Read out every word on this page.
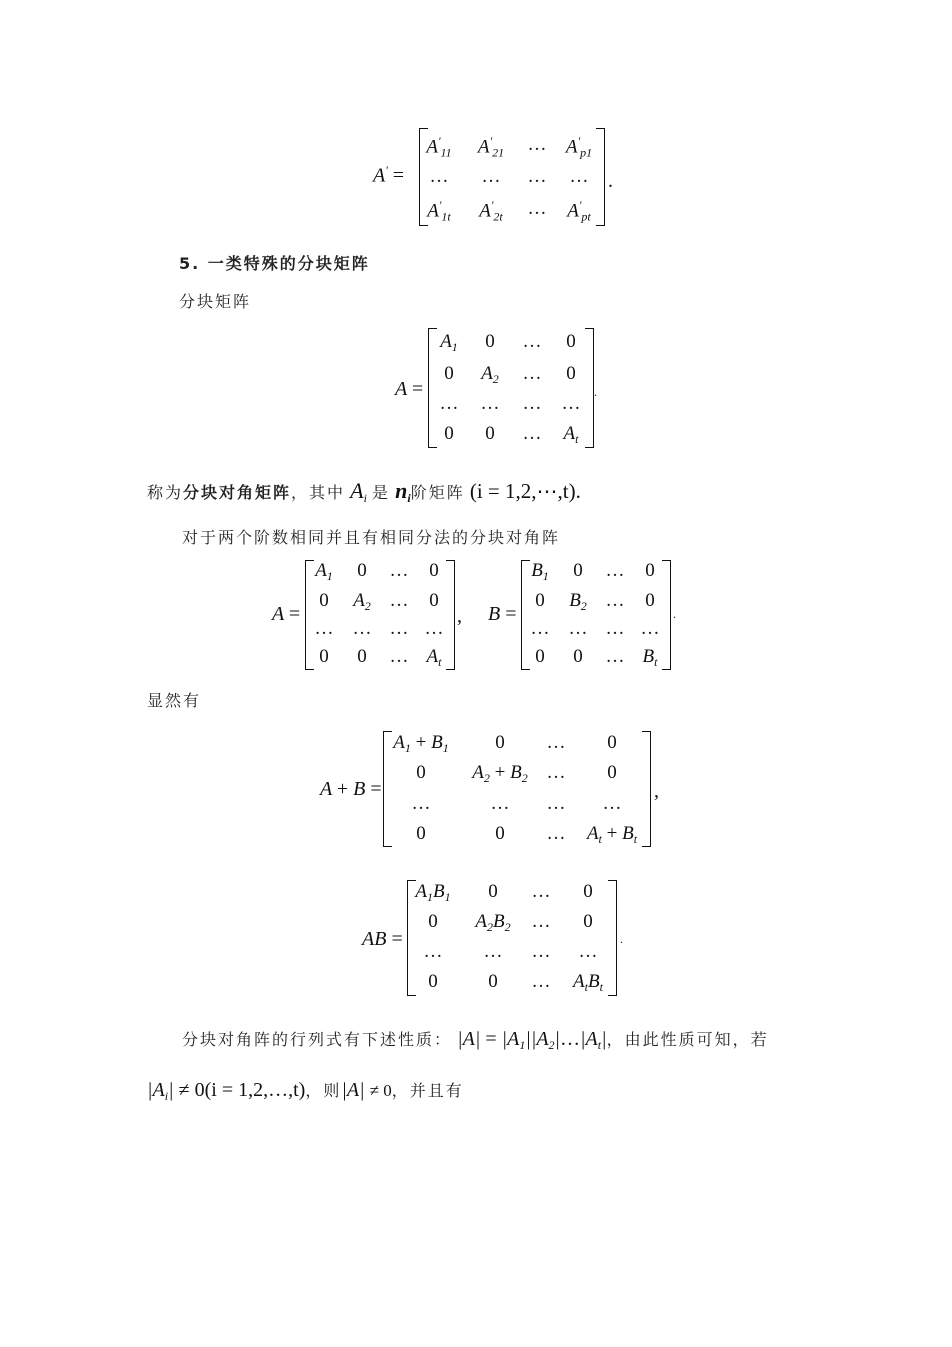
A' =
$A'_{11}$ $A'_{21}$ … $A'_{p1}$
… … … …
$A'_{1t}$ $A'_{2t}$ … $A'_{pt}$
.
5. 一类特殊的分块矩阵
分块矩阵
A =
$A_1$ 0 … 0
0 $A_2$ … 0
… … … …
0 0 … $A_t$
.
称为分块对角矩阵，其中 $A_i$ 是 $n_i$阶矩阵 (i = 1,2,⋯,t).
对于两个阶数相同并且有相同分法的分块对角阵
A =
$A_1$ 0 … 0
0 $A_2$ … 0
… … … …
0 0 … $A_t$
, B =
$B_1$ 0 … 0
0 $B_2$ … 0
… … … …
0 0 … $B_t$
.
显然有
A + B =
$A_1 + B_1$ 0 … 0
0 $A_2 + B_2$ … 0
…	… … …
0	0 … $A_t + B_t$
,
AB =
$A_1B_1$ 0 … 0
0 $A_2B_2$ … 0
… … … …
0	0 … $A_tB_t$
.
分块对角阵的行列式有下述性质： $|A| = |A_1||A_2|\dots|A_t|$，由此性质可知，若
$|A_i| \ne 0(i$ = 1,2,…,t)，则|A| ≠ 0，并且有
